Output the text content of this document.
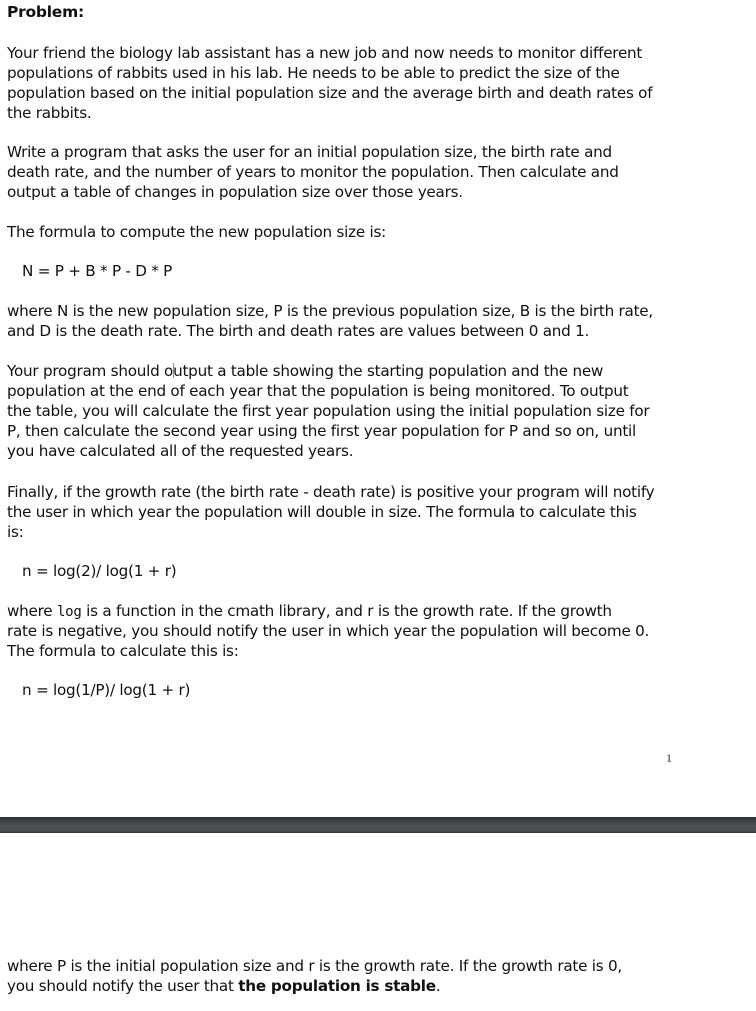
Problem:
Your friend the biology lab assistant has a new job and now needs to monitor different
populations of rabbits used in his lab. He needs to be able to predict the size of the
population based on the initial population size and the average birth and death rates of
the rabbits.
Write a program that asks the user for an initial population size, the birth rate and
death rate, and the number of years to monitor the population. Then calculate and
output a table of changes in population size over those years.
The formula to compute the new population size is:
N = P + B * P - D * P
where N is the new population size, P is the previous population size, B is the birth rate,
and D is the death rate. The birth and death rates are values between 0 and 1.
Your program should output a table showing the starting population and the new
population at the end of each year that the population is being monitored. To output
the table, you will calculate the first year population using the initial population size for
P, then calculate the second year using the first year population for P and so on, until
you have calculated all of the requested years.
Finally, if the growth rate (the birth rate - death rate) is positive your program will notify
the user in which year the population will double in size. The formula to calculate this
is:
n = log(2)/ log(1 + r)
where log is a function in the cmath library, and r is the growth rate. If the growth
rate is negative, you should notify the user in which year the population will become 0.
The formula to calculate this is:
n = log(1/P)/ log(1 + r)
1
where P is the initial population size and r is the growth rate. If the growth rate is 0,
you should notify the user that the population is stable.
